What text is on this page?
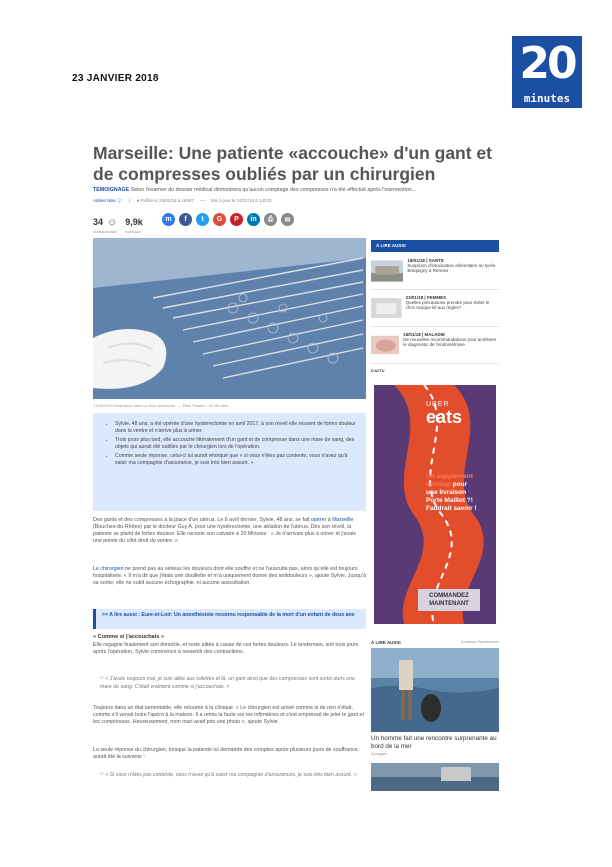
23 JANVIER 2018	20
minutes
Marseille: Une patiente «accouche» d'un gant et de compresses oubliés par un chirurgien
TEMOIGNAGE Selon l'examen du dossier médical démontrera qu'aucun comptage des compresses n'a été effectué après l'intervention...
Adrien Max 🐦︎ | ● Publié le 23/01/18 à 16h57 — Mis à jour le 24/01/18 à 14h33
34 💬︎
COMMENTAIRES
9,9k
PARTAGES
m	f	t	G	P	in	⎙	✉
17/06/2015 Illustration dans un bloc opératoire. — Elise Frisullo / 20 Minutes
• Sylvie, 48 ans, a été opérée d'une hystérectomie en avril 2017, à son réveil elle ressent de fortes douleur dans la ventre et n'arrive plus à uriner.
• Trois jours plus tard, elle accouche littéralement d'un gant et de compresse dans une mare de sang, des objets qui aurait été oubliés par le chirurgien lors de l'opération.
• Comme seule réponse, celui-ci lui aurait rétorqué que « si vous n'êtes pas contente, vous n'avez qu'à saisir ma compagnie d'assurance, je suis très bien assuré. »
Des gants et des compresses à la place d'un utérus. Le 6 avril dernier, Sylvie, 48 ans, se fait opérer à Marseille (Bouches-du-Rhône) par le docteur Guy A. pour une hystérectomie, une ablation de l'utérus. Dès son réveil, la patiente se plaint de fortes douleur. Elle raconte son calvaire à 20 Minutes : « Je n'arrivais plus à uriner et j'avais une pointe du côté droit du ventre. »
Le chirurgien ne prend pas au sérieux les douleurs dont elle souffre et ne l'ausculte pas, alors qu'elle est toujours hospitalisée. « Il m'a dit que j'étais une douillette et m'a uniquement donné des antidouleurs », ajoute Sylvie. Jusqu'à sa sortie, elle ne subit aucune échographie, ni aucune auscultation.
>> A lire aussi : Eure-et-Loir: Un anesthésiste reconnu responsable de la mort d'un enfant de deux ans
« Comme si j'accouchais »
Elle regagne finalement son domicile, et reste alitée à cause de ces fortes douleurs. Le lendemain, soit trois jours après l'opération, Sylvie commence à ressentir des contractions.
“ « J'avais toujours mal, je suis allée aux toilettes et là, un gant ainsi que des compresses sont sortis dans une mare de sang. C'était vraiment comme si j'accouchais. »
Toujours dans un état lamentable, elle retourne à la clinique. « Le chirurgien est arrivé comme si de rien n'était, comme s'il venait boire l'apéro à la maison. Il a remis la faute sur les infirmières et s'est empressé de jeter le gant et les compresses. Heureusement, mon mari avait pris une photo », ajoute Sylvie.
La seule réponse du chirurgien, lorsque la patiente lui demande des comptes après plusieurs jours de souffrance, aurait été la suivante :
“ « Si vous n'êtes pas contente, vous n'avez qu'à saisir ma compagnie d'assurances, je suis très bien assuré. »
À LIRE AUSSI
19/01/18 | SANTE
Suspicion d'intoxication alimentaire au lycée Bréquigny à Rennes
23/01/18 | FEMMES
Quelles précautions prendre pour éviter le choc toxique lié aux règles?
16/01/18 | MALADIE
De nouvelles recommandations pour améliorer le diagnostic de l'endométriose
D'ACTU
UBER
eats
Un supplément
ketchup pour
une livraison
Porte Maillot ?!
Faudrait savoir !
COMMANDEZ MAINTENANT
À LIRE AUSSI	Contenus Sponsorisés
Un homme fait une rencontre surprenante au bord de la mer
Sphagate
